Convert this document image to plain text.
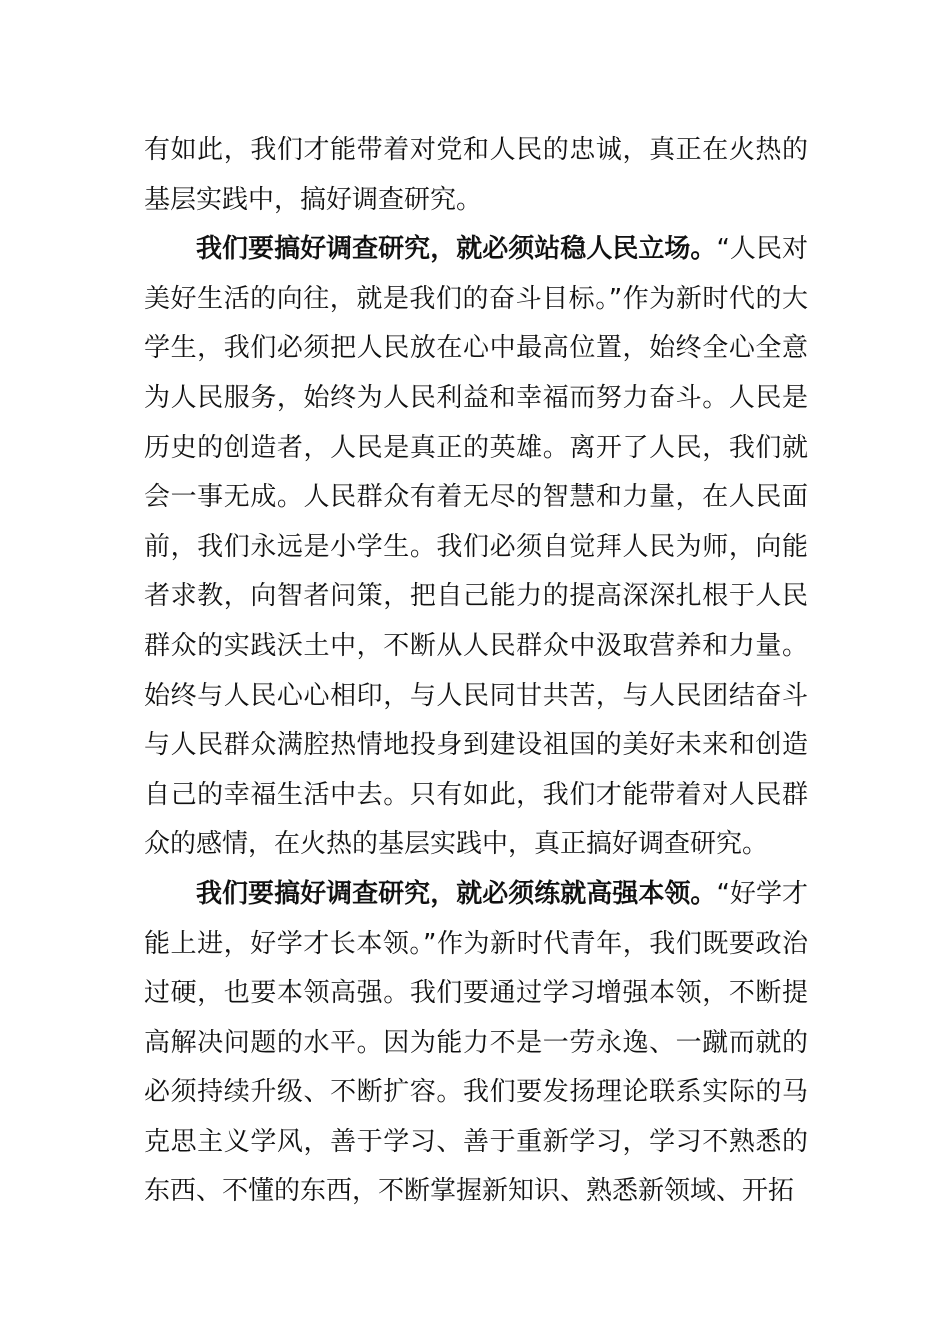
有如此，我们才能带着对党和人民的忠诚，真正在火热的基层实践中，搞好调查研究。

我们要搞好调查研究，就必须站稳人民立场。“人民对美好生活的向往，就是我们的奋斗目标。”作为新时代的大学生，我们必须把人民放在心中最高位置，始终全心全意为人民服务，始终为人民利益和幸福而努力奋斗。人民是历史的创造者，人民是真正的英雄。离开了人民，我们就会一事无成。人民群众有着无尽的智慧和力量，在人民面前，我们永远是小学生。我们必须自觉拜人民为师，向能者求教，向智者问策，把自己能力的提高深深扎根于人民群众的实践沃土中，不断从人民群众中汲取营养和力量。始终与人民心心相印，与人民同甘共苦，与人民团结奋斗与人民群众满腔热情地投身到建设祖国的美好未来和创造自己的幸福生活中去。只有如此，我们才能带着对人民群众的感情，在火热的基层实践中，真正搞好调查研究。

我们要搞好调查研究，就必须练就高强本领。“好学才能上进，好学才长本领。”作为新时代青年，我们既要政治过硬，也要本领高强。我们要通过学习增强本领，不断提高解决问题的水平。因为能力不是一劳永逸、一蹴而就的必须持续升级、不断扩容。我们要发扬理论联系实际的马克思主义学风，善于学习、善于重新学习，学习不熟悉的东西、不懂的东西，不断掌握新知识、熟悉新领域、开拓
